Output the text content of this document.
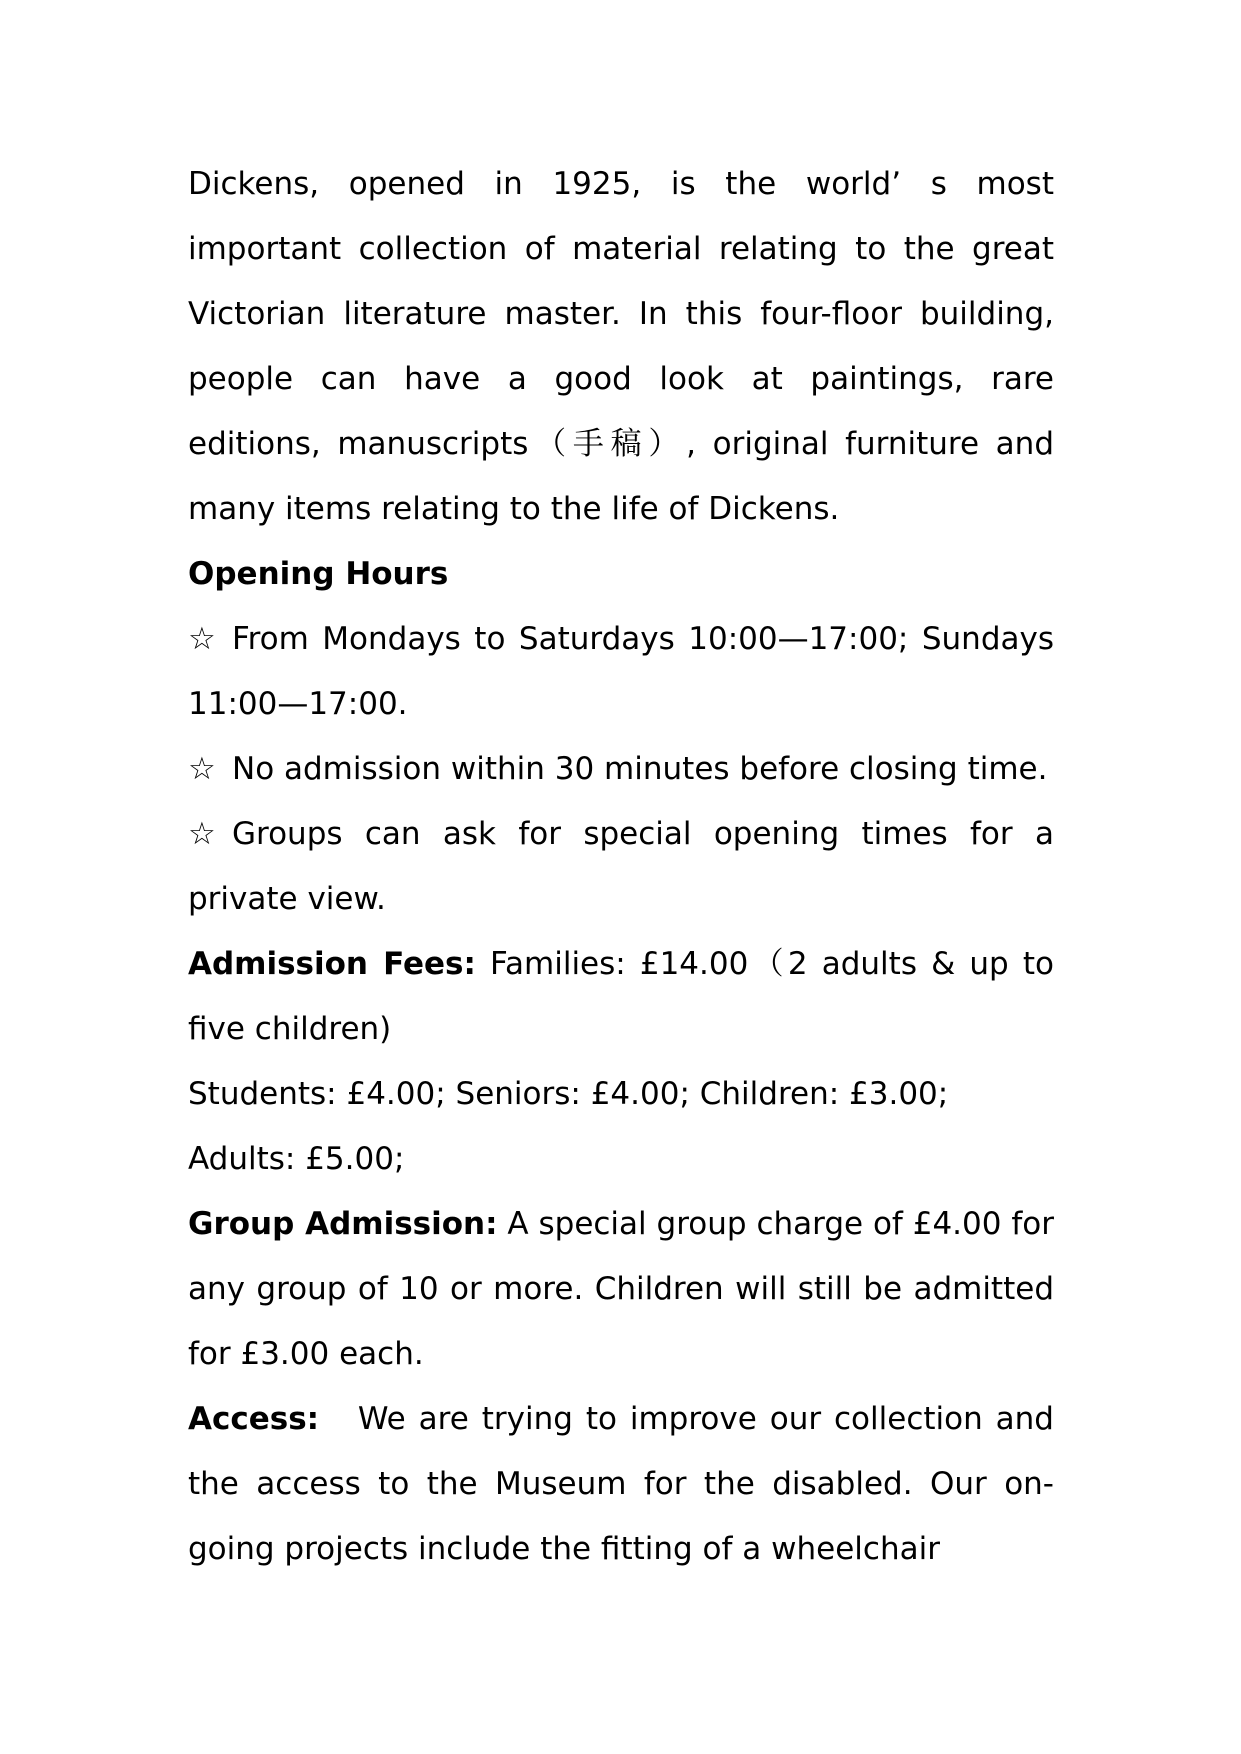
Dickens, opened in 1925, is the world’ s most important collection of material relating to the great Victorian literature master. In this four-floor building, people can have a good look at paintings, rare editions, manuscripts（手稿）, original furniture and many items relating to the life of Dickens.

Opening Hours

☆ From Mondays to Saturdays 10:00—17:00; Sundays 11:00—17:00.

☆ No admission within 30 minutes before closing time.

☆ Groups can ask for special opening times for a private view.

Admission Fees: Families: £14.00（2 adults & up to five children)

Students: £4.00; Seniors: £4.00; Children: £3.00; Adults: £5.00;

Group Admission: A special group charge of £4.00 for any group of 10 or more. Children will still be admitted for £3.00 each.

Access:   We are trying to improve our collection and the access to the Museum for the disabled. Our on-going projects include the fitting of a wheelchair
